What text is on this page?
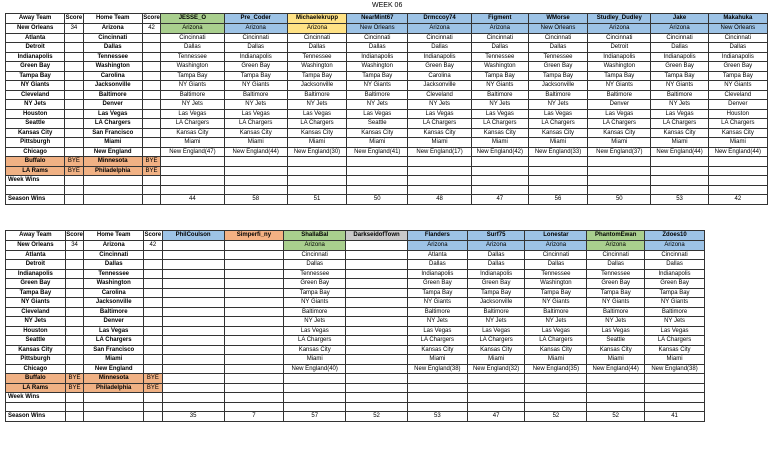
WEEK 06
Away Team	Score	Home Team	Score	JESSE_O	Pre_Coder	Michaelekrupp	NearMint67	Drmccoy74	Figment	WMorse	Studley_Dudley	Jake	Makahuka
New Orleans	34	Arizona	42	Arizona	Arizona	Arizona	New Orleans	Arizona	Arizona	New Orleans	Arizona	Arizona	New Orleans
Atlanta		Cincinnati		Cincinnati	Cincinnati	Cincinnati	Cincinnati	Cincinnati	Cincinnati	Cincinnati	Cincinnati	Cincinnati	Cincinnati
Detroit		Dallas		Dallas	Dallas	Dallas	Dallas	Dallas	Dallas	Dallas	Detroit	Dallas	Dallas
Indianapolis		Tennessee		Tennessee	Indianapolis	Tennessee	Indianapolis	Indianapolis	Tennessee	Tennessee	Indianapolis	Indianapolis	Indianapolis
Green Bay		Washington		Washington	Green Bay	Washington	Washington	Green Bay	Washington	Green Bay	Washington	Green Bay	Green Bay
Tampa Bay		Carolina		Tampa Bay	Tampa Bay	Tampa Bay	Tampa Bay	Carolina	Tampa Bay	Tampa Bay	Tampa Bay	Tampa Bay	Tampa Bay
NY Giants		Jacksonville		NY Giants	NY Giants	Jacksonville	NY Giants	Jacksonville	NY Giants	Jacksonville	NY Giants	NY Giants	NY Giants
Cleveland		Baltimore		Baltimore	Baltimore	Baltimore	Baltimore	Cleveland	Baltimore	Baltimore	Baltimore	Baltimore	Cleveland
NY Jets		Denver		NY Jets	NY Jets	NY Jets	NY Jets	NY Jets	NY Jets	NY Jets	Denver	NY Jets	Denver
Houston		Las Vegas		Las Vegas	Las Vegas	Las Vegas	Las Vegas	Las Vegas	Las Vegas	Las Vegas	Las Vegas	Las Vegas	Houston
Seattle		LA Chargers		LA Chargers	LA Chargers	LA Chargers	Seattle	LA Chargers	LA Chargers	LA Chargers	LA Chargers	LA Chargers	LA Chargers
Kansas City		San Francisco		Kansas City	Kansas City	Kansas City	Kansas City	Kansas City	Kansas City	Kansas City	Kansas City	Kansas City	Kansas City
Pittsburgh		Miami		Miami	Miami	Miami	Miami	Miami	Miami	Miami	Miami	Miami	Miami
Chicago		New England		New England(47)	New England(44)	New England(30)	New England(41)	New England(17)	New England(42)	New England(33)	New England(37)	New England(44)	New England(44)
Buffalo	BYE	Minnesota	BYE										
LA Rams	BYE	Philadelphia	BYE										
Week Wins													

Season Wins				44	58	51	50	48	47	56	50	53	42
Away Team	Score	Home Team	Score	PhilCoulson	Simperfi_ny	ShallaBal	DarkseidofTown	Flanders	Surf75	Lonestar	PhantomEwan	Zdoes10
New Orleans	34	Arizona	42			Arizona		Arizona	Arizona	Arizona	Arizona	Arizona
Atlanta		Cincinnati				Cincinnati		Atlanta	Dallas	Cincinnati	Cincinnati	Cincinnati
Detroit		Dallas				Dallas		Dallas	Dallas	Dallas	Dallas	Dallas
Indianapolis		Tennessee				Tennessee		Indianapolis	Indianapolis	Tennessee	Tennessee	Indianapolis
Green Bay		Washington				Green Bay		Green Bay	Green Bay	Washington	Green Bay	Green Bay
Tampa Bay		Carolina				Tampa Bay		Tampa Bay	Tampa Bay	Tampa Bay	Tampa Bay	Tampa Bay
NY Giants		Jacksonville				NY Giants		NY Giants	Jacksonville	NY Giants	NY Giants	NY Giants
Cleveland		Baltimore				Baltimore		Baltimore	Baltimore	Baltimore	Baltimore	Baltimore
NY Jets		Denver				NY Jets		NY Jets	NY Jets	NY Jets	NY Jets	NY Jets
Houston		Las Vegas				Las Vegas		Las Vegas	Las Vegas	Las Vegas	Las Vegas	Las Vegas
Seattle		LA Chargers				LA Chargers		LA Chargers	LA Chargers	LA Chargers	Seattle	LA Chargers
Kansas City		San Francisco				Kansas City		Kansas City	Kansas City	Kansas City	Kansas City	Kansas City
Pittsburgh		Miami				Miami		Miami	Miami	Miami	Miami	Miami
Chicago		New England				New England(40)		New England(38)	New England(32)	New England(35)	New England(44)	New England(38)
Buffalo	BYE	Minnesota	BYE									
LA Rams	BYE	Philadelphia	BYE									
Week Wins												

Season Wins				35	7	57	52	53	47	52	52	41
